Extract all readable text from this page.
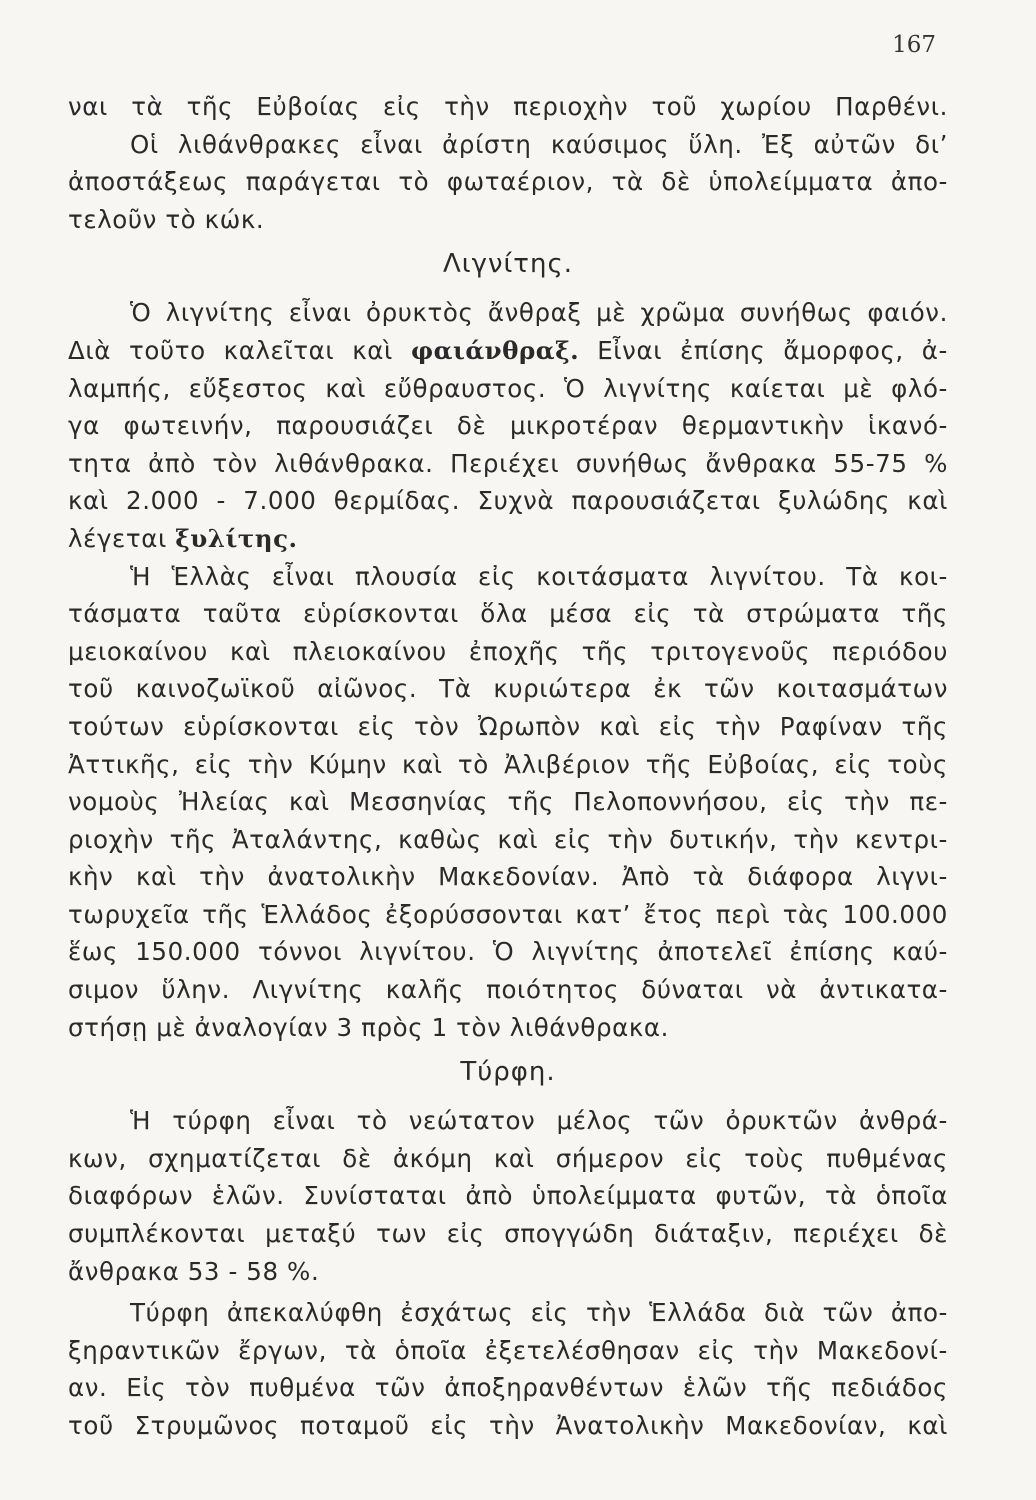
167
ναι τὰ τῆς Εὐβοίας εἰς τὴν περιοχὴν τοῦ χωρίου Παρθένι.
Οἱ λιθάνθρακες εἶναι ἀρίστη καύσιμος ὕλη. Ἐξ αὐτῶν δι’
ἀποστάξεως παράγεται τὸ φωταέριον, τὰ δὲ ὑπολείμματα ἀπο-
τελοῦν τὸ κώκ.
Λιγνίτης.
Ὁ λιγνίτης εἶναι ὀρυκτὸς ἄνθραξ μὲ χρῶμα συνήθως φαιόν.
Διὰ τοῦτο καλεῖται καὶ φαιάνθραξ. Εἶναι ἐπίσης ἄμορφος, ἀ-
λαμπής, εὔξεστος καὶ εὔθραυστος. Ὁ λιγνίτης καίεται μὲ φλό-
γα φωτεινήν, παρουσιάζει δὲ μικροτέραν θερμαντικὴν ἱκανό-
τητα ἀπὸ τὸν λιθάνθρακα. Περιέχει συνήθως ἄνθρακα 55-75 %
καὶ 2.000 - 7.000 θερμίδας. Συχνὰ παρουσιάζεται ξυλώδης καὶ
λέγεται ξυλίτης.
Ἡ Ἑλλὰς εἶναι πλουσία εἰς κοιτάσματα λιγνίτου. Τὰ κοι-
τάσματα ταῦτα εὑρίσκονται ὅλα μέσα εἰς τὰ στρώματα τῆς
μειοκαίνου καὶ πλειοκαίνου ἐποχῆς τῆς τριτογενοῦς περιόδου
τοῦ καινοζωϊκοῦ αἰῶνος. Τὰ κυριώτερα ἐκ τῶν κοιτασμάτων
τούτων εὑρίσκονται εἰς τὸν Ὠρωπὸν καὶ εἰς τὴν Ραφίναν τῆς
Ἀττικῆς, εἰς τὴν Κύμην καὶ τὸ Ἀλιβέριον τῆς Εὐβοίας, εἰς τοὺς
νομοὺς Ἠλείας καὶ Μεσσηνίας τῆς Πελοποννήσου, εἰς τὴν πε-
ριοχὴν τῆς Ἀταλάντης, καθὼς καὶ εἰς τὴν δυτικήν, τὴν κεντρι-
κὴν καὶ τὴν ἀνατολικὴν Μακεδονίαν. Ἀπὸ τὰ διάφορα λιγνι-
τωρυχεῖα τῆς Ἑλλάδος ἐξορύσσονται κατ’ ἔτος περὶ τὰς 100.000
ἕως 150.000 τόννοι λιγνίτου. Ὁ λιγνίτης ἀποτελεῖ ἐπίσης καύ-
σιμον ὕλην. Λιγνίτης καλῆς ποιότητος δύναται νὰ ἀντικατα-
στήσῃ μὲ ἀναλογίαν 3 πρὸς 1 τὸν λιθάνθρακα.
Τύρφη.
Ἡ τύρφη εἶναι τὸ νεώτατον μέλος τῶν ὀρυκτῶν ἀνθρά-
κων, σχηματίζεται δὲ ἀκόμη καὶ σήμερον εἰς τοὺς πυθμένας
διαφόρων ἑλῶν. Συνίσταται ἀπὸ ὑπολείμματα φυτῶν, τὰ ὁποῖα
συμπλέκονται μεταξύ των εἰς σπογγώδη διάταξιν, περιέχει δὲ
ἄνθρακα 53 - 58 %.
Τύρφη ἀπεκαλύφθη ἐσχάτως εἰς τὴν Ἑλλάδα διὰ τῶν ἀπο-
ξηραντικῶν ἔργων, τὰ ὁποῖα ἐξετελέσθησαν εἰς τὴν Μακεδονί-
αν. Εἰς τὸν πυθμένα τῶν ἀποξηρανθέντων ἑλῶν τῆς πεδιάδος
τοῦ Στρυμῶνος ποταμοῦ εἰς τὴν Ἀνατολικὴν Μακεδονίαν, καὶ
